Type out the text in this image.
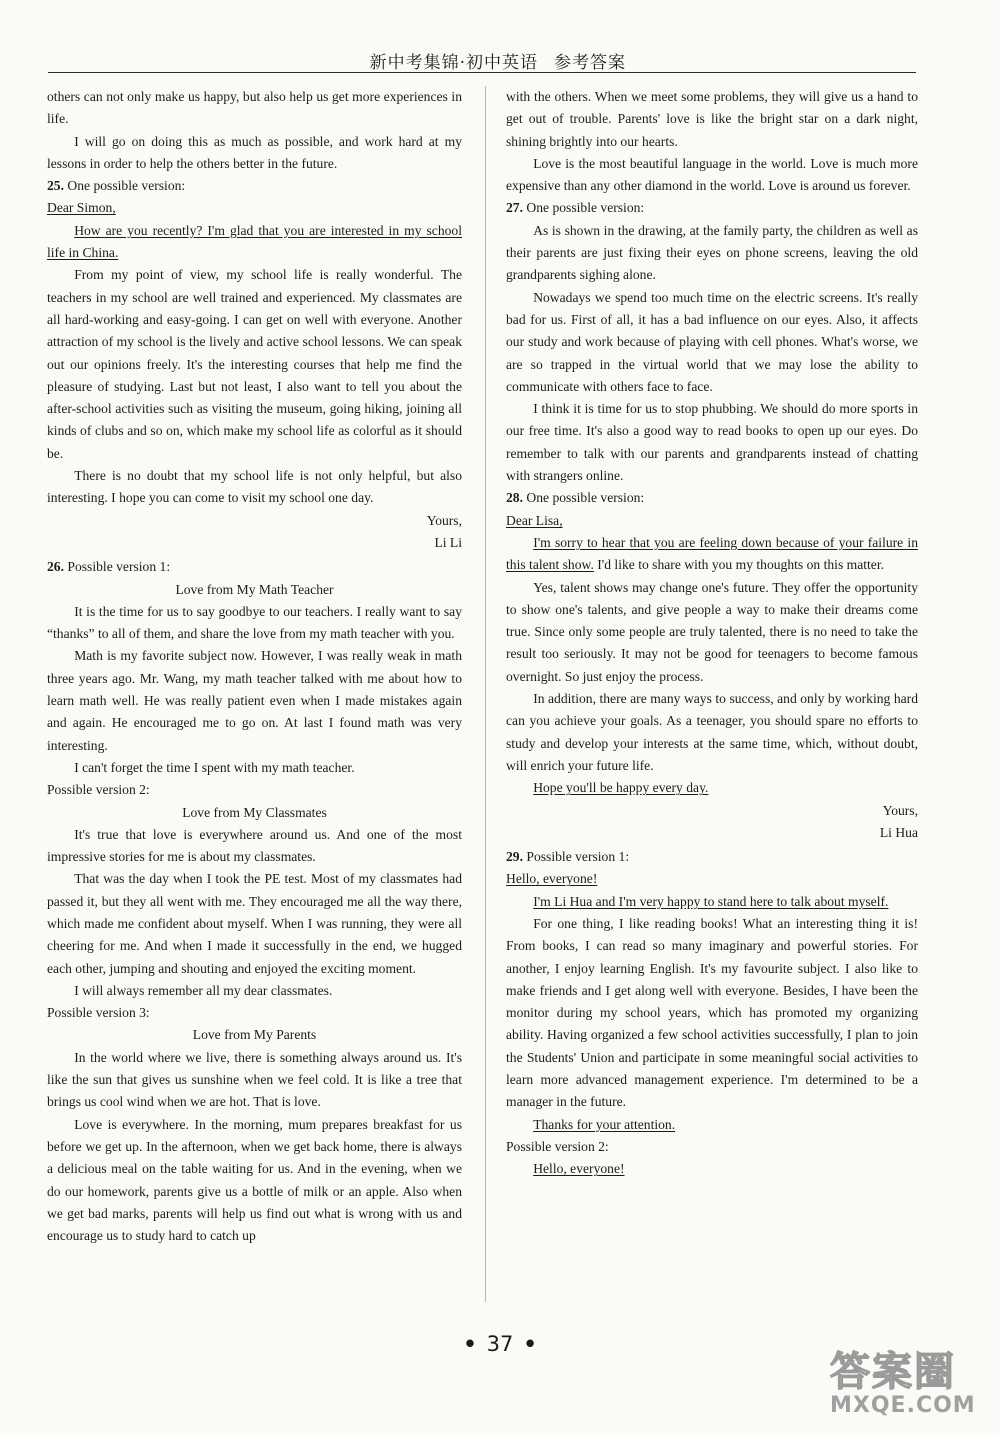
新中考集锦·初中英语 参考答案

others can not only make us happy, but also help us get more experiences in life.

I will go on doing this as much as possible, and work hard at my lessons in order to help the others better in the future.

25. One possible version:

Dear Simon,

How are you recently? I'm glad that you are interested in my school life in China.

From my point of view, my school life is really wonderful. The teachers in my school are well trained and experienced. My classmates are all hard-working and easy-going. I can get on well with everyone. Another attraction of my school is the lively and active school lessons. We can speak out our opinions freely. It's the interesting courses that help me find the pleasure of studying. Last but not least, I also want to tell you about the after-school activities such as visiting the museum, going hiking, joining all kinds of clubs and so on, which make my school life as colorful as it should be.

There is no doubt that my school life is not only helpful, but also interesting. I hope you can come to visit my school one day.

Yours,

Li Li

26. Possible version 1:

Love from My Math Teacher

It is the time for us to say goodbye to our teachers. I really want to say “thanks” to all of them, and share the love from my math teacher with you.

Math is my favorite subject now. However, I was really weak in math three years ago. Mr. Wang, my math teacher talked with me about how to learn math well. He was really patient even when I made mistakes again and again. He encouraged me to go on. At last I found math was very interesting.

I can't forget the time I spent with my math teacher.

Possible version 2:

Love from My Classmates

It's true that love is everywhere around us. And one of the most impressive stories for me is about my classmates.

That was the day when I took the PE test. Most of my classmates had passed it, but they all went with me. They encouraged me all the way there, which made me confident about myself. When I was running, they were all cheering for me. And when I made it successfully in the end, we hugged each other, jumping and shouting and enjoyed the exciting moment.

I will always remember all my dear classmates.

Possible version 3:

Love from My Parents

In the world where we live, there is something always around us. It's like the sun that gives us sunshine when we feel cold. It is like a tree that brings us cool wind when we are hot. That is love.

Love is everywhere. In the morning, mum prepares breakfast for us before we get up. In the afternoon, when we get back home, there is always a delicious meal on the table waiting for us. And in the evening, when we do our homework, parents give us a bottle of milk or an apple. Also when we get bad marks, parents will help us find out what is wrong with us and encourage us to study hard to catch up

with the others. When we meet some problems, they will give us a hand to get out of trouble. Parents' love is like the bright star on a dark night, shining brightly into our hearts.

Love is the most beautiful language in the world. Love is much more expensive than any other diamond in the world. Love is around us forever.

27. One possible version:

As is shown in the drawing, at the family party, the children as well as their parents are just fixing their eyes on phone screens, leaving the old grandparents sighing alone.

Nowadays we spend too much time on the electric screens. It's really bad for us. First of all, it has a bad influence on our eyes. Also, it affects our study and work because of playing with cell phones. What's worse, we are so trapped in the virtual world that we may lose the ability to communicate with others face to face.

I think it is time for us to stop phubbing. We should do more sports in our free time. It's also a good way to read books to open up our eyes. Do remember to talk with our parents and grandparents instead of chatting with strangers online.

28. One possible version:

Dear Lisa,

I'm sorry to hear that you are feeling down because of your failure in this talent show. I'd like to share with you my thoughts on this matter.

Yes, talent shows may change one's future. They offer the opportunity to show one's talents, and give people a way to make their dreams come true. Since only some people are truly talented, there is no need to take the result too seriously. It may not be good for teenagers to become famous overnight. So just enjoy the process.

In addition, there are many ways to success, and only by working hard can you achieve your goals. As a teenager, you should spare no efforts to study and develop your interests at the same time, which, without doubt, will enrich your future life.

Hope you'll be happy every day.

Yours,

Li Hua

29. Possible version 1:

Hello, everyone!

I'm Li Hua and I'm very happy to stand here to talk about myself.

For one thing, I like reading books! What an interesting thing it is! From books, I can read so many imaginary and powerful stories. For another, I enjoy learning English. It's my favourite subject. I also like to make friends and I get along well with everyone. Besides, I have been the monitor during my school years, which has promoted my organizing ability. Having organized a few school activities successfully, I plan to join the Students' Union and participate in some meaningful social activities to learn more advanced management experience. I'm determined to be a manager in the future.

Thanks for your attention.

Possible version 2:

Hello, everyone!

• 37 •
答案圈
MXQE.COM
